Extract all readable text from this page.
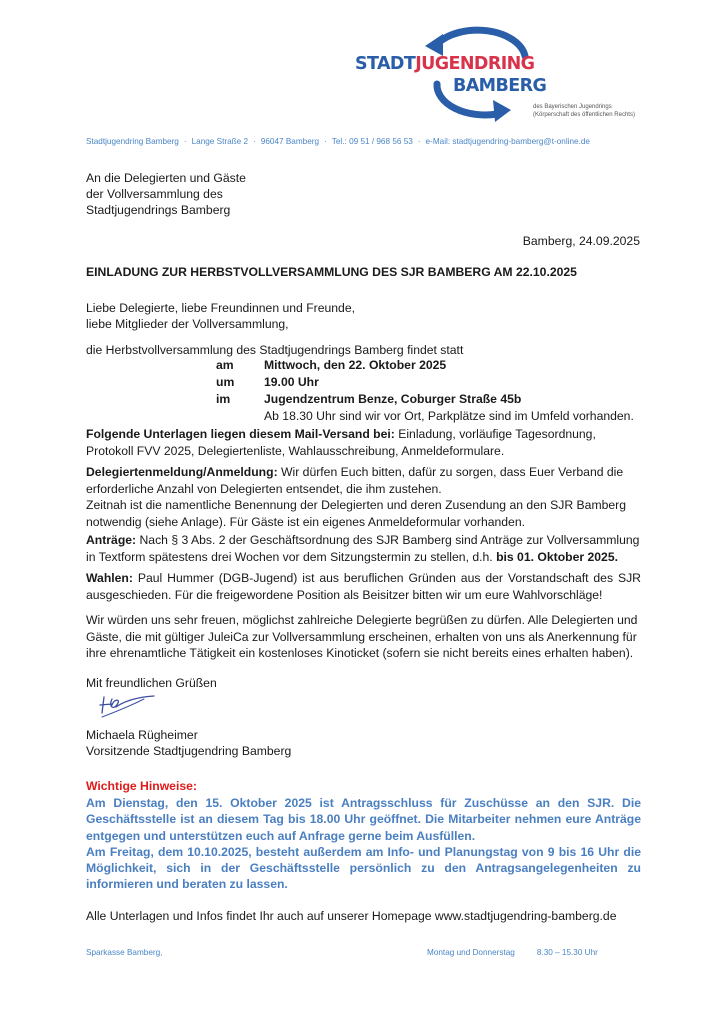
STADTJUGENDRING
BAMBERG
des Bayerischen Jugendrings
(Körperschaft des öffentlichen Rechts)
Stadtjugendring Bamberg · Lange Straße 2 · 96047 Bamberg · Tel.: 09 51 / 968 56 53 · e-Mail: stadtjugendring-bamberg@t-online.de
An die Delegierten und Gäste
der Vollversammlung des
Stadtjugendrings Bamberg
Bamberg, 24.09.2025
EINLADUNG ZUR HERBSTVOLLVERSAMMLUNG DES SJR BAMBERG AM 22.10.2025
Liebe Delegierte, liebe Freundinnen und Freunde,
liebe Mitglieder der Vollversammlung,
die Herbstvollversammlung des Stadtjugendrings Bamberg findet statt
am	Mittwoch, den 22. Oktober 2025
um	19.00 Uhr
im	Jugendzentrum Benze, Coburger Straße 45b
Ab 18.30 Uhr sind wir vor Ort, Parkplätze sind im Umfeld vorhanden.
Folgende Unterlagen liegen diesem Mail-Versand bei: Einladung, vorläufige Tagesordnung, Protokoll FVV 2025, Delegiertenliste, Wahlausschreibung, Anmeldeformulare.
Delegiertenmeldung/Anmeldung: Wir dürfen Euch bitten, dafür zu sorgen, dass Euer Verband die erforderliche Anzahl von Delegierten entsendet, die ihm zustehen.
Zeitnah ist die namentliche Benennung der Delegierten und deren Zusendung an den SJR Bamberg notwendig (siehe Anlage). Für Gäste ist ein eigenes Anmeldeformular vorhanden.
Anträge: Nach § 3 Abs. 2 der Geschäftsordnung des SJR Bamberg sind Anträge zur Vollversammlung in Textform spätestens drei Wochen vor dem Sitzungstermin zu stellen, d.h. bis 01. Oktober 2025.
Wahlen: Paul Hummer (DGB-Jugend) ist aus beruflichen Gründen aus der Vorstandschaft des SJR ausgeschieden. Für die freigewordene Position als Beisitzer bitten wir um eure Wahlvorschläge!
Wir würden uns sehr freuen, möglichst zahlreiche Delegierte begrüßen zu dürfen. Alle Delegierten und Gäste, die mit gültiger JuleiCa zur Vollversammlung erscheinen, erhalten von uns als Anerkennung für ihre ehrenamtliche Tätigkeit ein kostenloses Kinoticket (sofern sie nicht bereits eines erhalten haben).
Mit freundlichen Grüßen
Michaela Rügheimer
Vorsitzende Stadtjugendring Bamberg
Wichtige Hinweise:
Am Dienstag, den 15. Oktober 2025 ist Antragsschluss für Zuschüsse an den SJR. Die Geschäftsstelle ist an diesem Tag bis 18.00 Uhr geöffnet. Die Mitarbeiter nehmen eure Anträge entgegen und unterstützen euch auf Anfrage gerne beim Ausfüllen.
Am Freitag, dem 10.10.2025, besteht außerdem am Info- und Planungstag von 9 bis 16 Uhr die Möglichkeit, sich in der Geschäftsstelle persönlich zu den Antragsangelegenheiten zu informieren und beraten zu lassen.
Alle Unterlagen und Infos findet Ihr auch auf unserer Homepage www.stadtjugendring-bamberg.de
Sparkasse Bamberg,	Montag und Donnerstag	8.30 – 15.30 Uhr
